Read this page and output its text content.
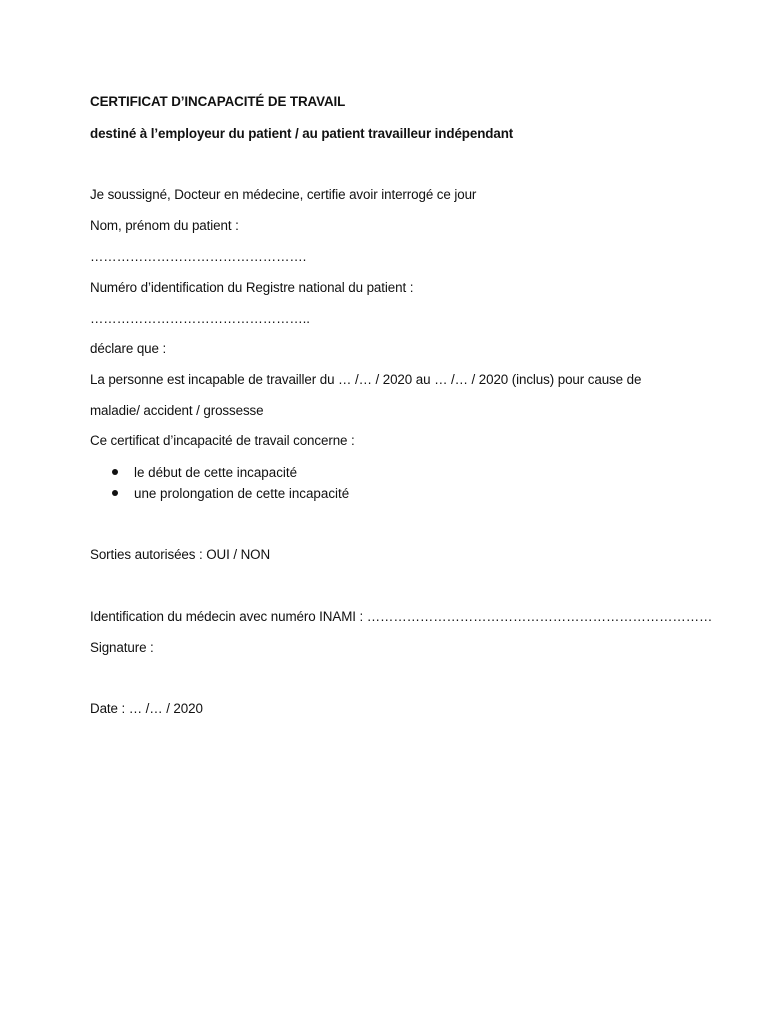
CERTIFICAT D’INCAPACITÉ DE TRAVAIL
destiné à l’employeur du patient / au patient travailleur indépendant
Je soussigné, Docteur en médecine, certifie avoir interrogé ce jour
Nom, prénom du patient :
………………………………………….
Numéro d’identification du Registre national du patient :
…………………………………………..
déclare que :
La personne est incapable de travailler du … /… / 2020 au … /… / 2020 (inclus) pour cause de
maladie/ accident / grossesse
Ce certificat d’incapacité de travail concerne :
le début de cette incapacité
une prolongation de cette incapacité
Sorties autorisées : OUI / NON
Identification du médecin avec numéro INAMI : ……………………………………………………………………
Signature :
Date : … /… / 2020
